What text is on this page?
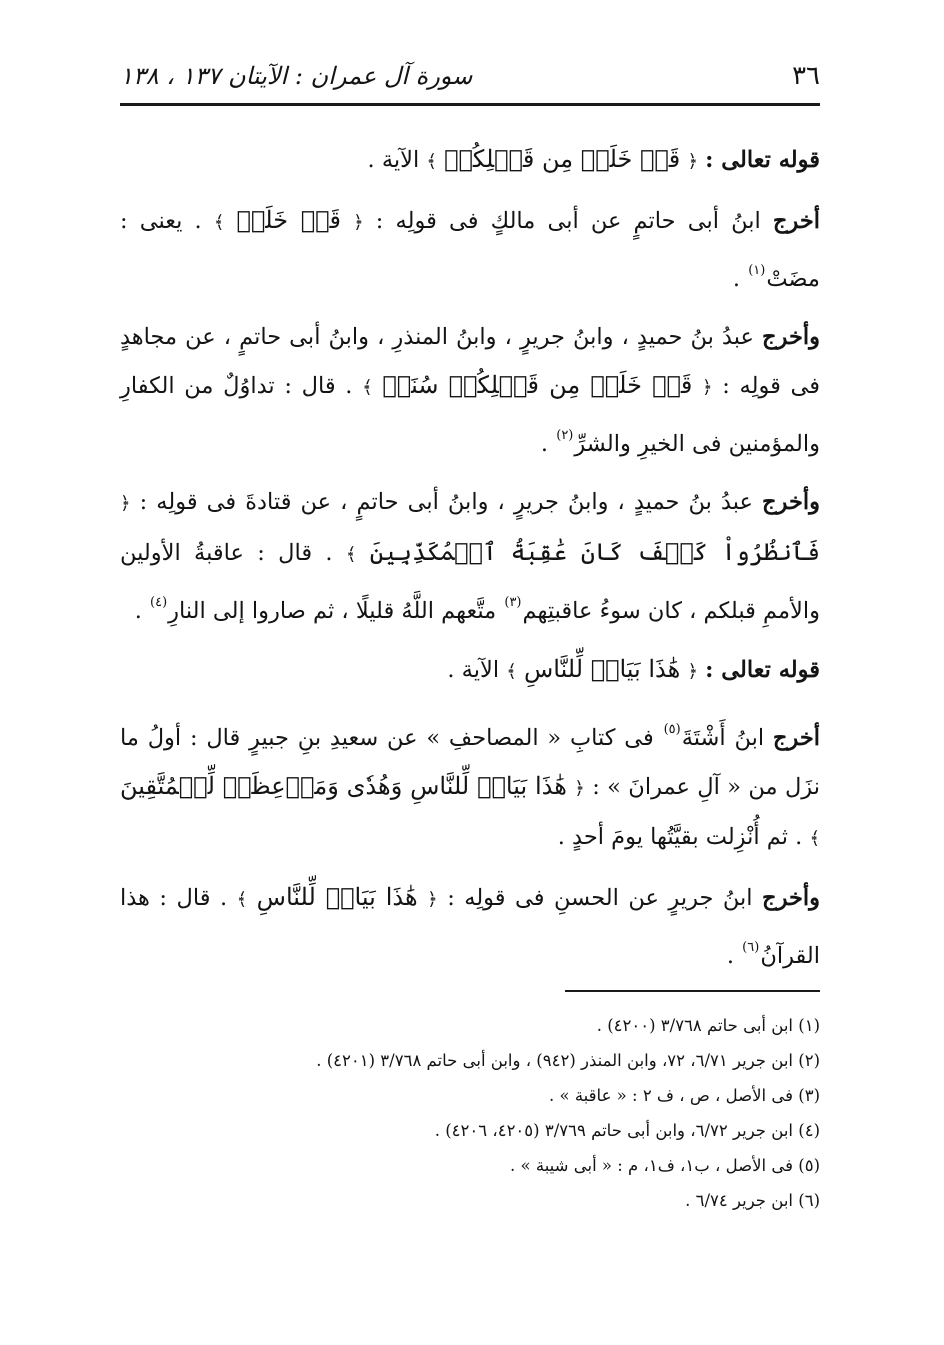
٣٦
سورة آل عمران : الآيتان ١٣٧ ، ١٣٨

قوله تعالى : ﴿ قَدۡ خَلَتۡ مِن قَبۡلِكُمۡ ﴾ الآية .

أخرج ابنُ أبى حاتمٍ عن أبى مالكٍ فى قولِه : ﴿ قَدۡ خَلَتۡ ﴾ . يعنى : مضَتْ$^{(١)}$ .

وأخرج عبدُ بنُ حميدٍ ، وابنُ جريرٍ ، وابنُ المنذرِ ، وابنُ أبى حاتمٍ ، عن مجاهدٍ فى قولِه : ﴿ قَدۡ خَلَتۡ مِن قَبۡلِكُمۡ سُنَنٞ ﴾ . قال : تداوُلٌ من الكفارِ والمؤمنين فى الخيرِ والشرِّ$^{(٢)}$ .

وأخرج عبدُ بنُ حميدٍ ، وابنُ جريرٍ ، وابنُ أبى حاتمٍ ، عن قتادةَ فى قولِه : ﴿ فَٱنظُرُواْ كَيۡفَ كَانَ عَٰقِبَةُ ٱلۡمُكَذِّبِينَ ﴾ . قال : عاقبةُ الأولين والأممِ قبلكم ، كان سوءُ عاقبتِهم$^{(٣)}$ متَّعهم اللَّهُ قليلًا ، ثم صاروا إلى النارِ$^{(٤)}$ .

قوله تعالى : ﴿ هَٰذَا بَيَانٞ لِّلنَّاسِ ﴾ الآية .

أخرج ابنُ أَشْتَةَ$^{(٥)}$ فى كتابِ « المصاحفِ » عن سعيدِ بنِ جبيرٍ قال : أولُ ما نزَل من « آلِ عمرانَ » : ﴿ هَٰذَا بَيَانٞ لِّلنَّاسِ وَهُدٗى وَمَوۡعِظَةٞ لِّلۡمُتَّقِينَ ﴾ . ثم أُنْزِلت بقيَّتُها يومَ أحدٍ .

وأخرج ابنُ جريرٍ عن الحسنِ فى قولِه : ﴿ هَٰذَا بَيَانٞ لِّلنَّاسِ ﴾ . قال : هذا القرآنُ$^{(٦)}$ .

(١) ابن أبى حاتم ٣/٧٦٨ (٤٢٠٠) .
(٢) ابن جرير ٦/٧١، ٧٢، وابن المنذر (٩٤٢) ، وابن أبى حاتم ٣/٧٦٨ (٤٢٠١) .
(٣) فى الأصل ، ص ، ف ٢ : « عاقبة » .
(٤) ابن جرير ٦/٧٢، وابن أبى حاتم ٣/٧٦٩ (٤٢٠٥، ٤٢٠٦) .
(٥) فى الأصل ، ب١، ف١، م : « أبى شيبة » .
(٦) ابن جرير ٦/٧٤ .
